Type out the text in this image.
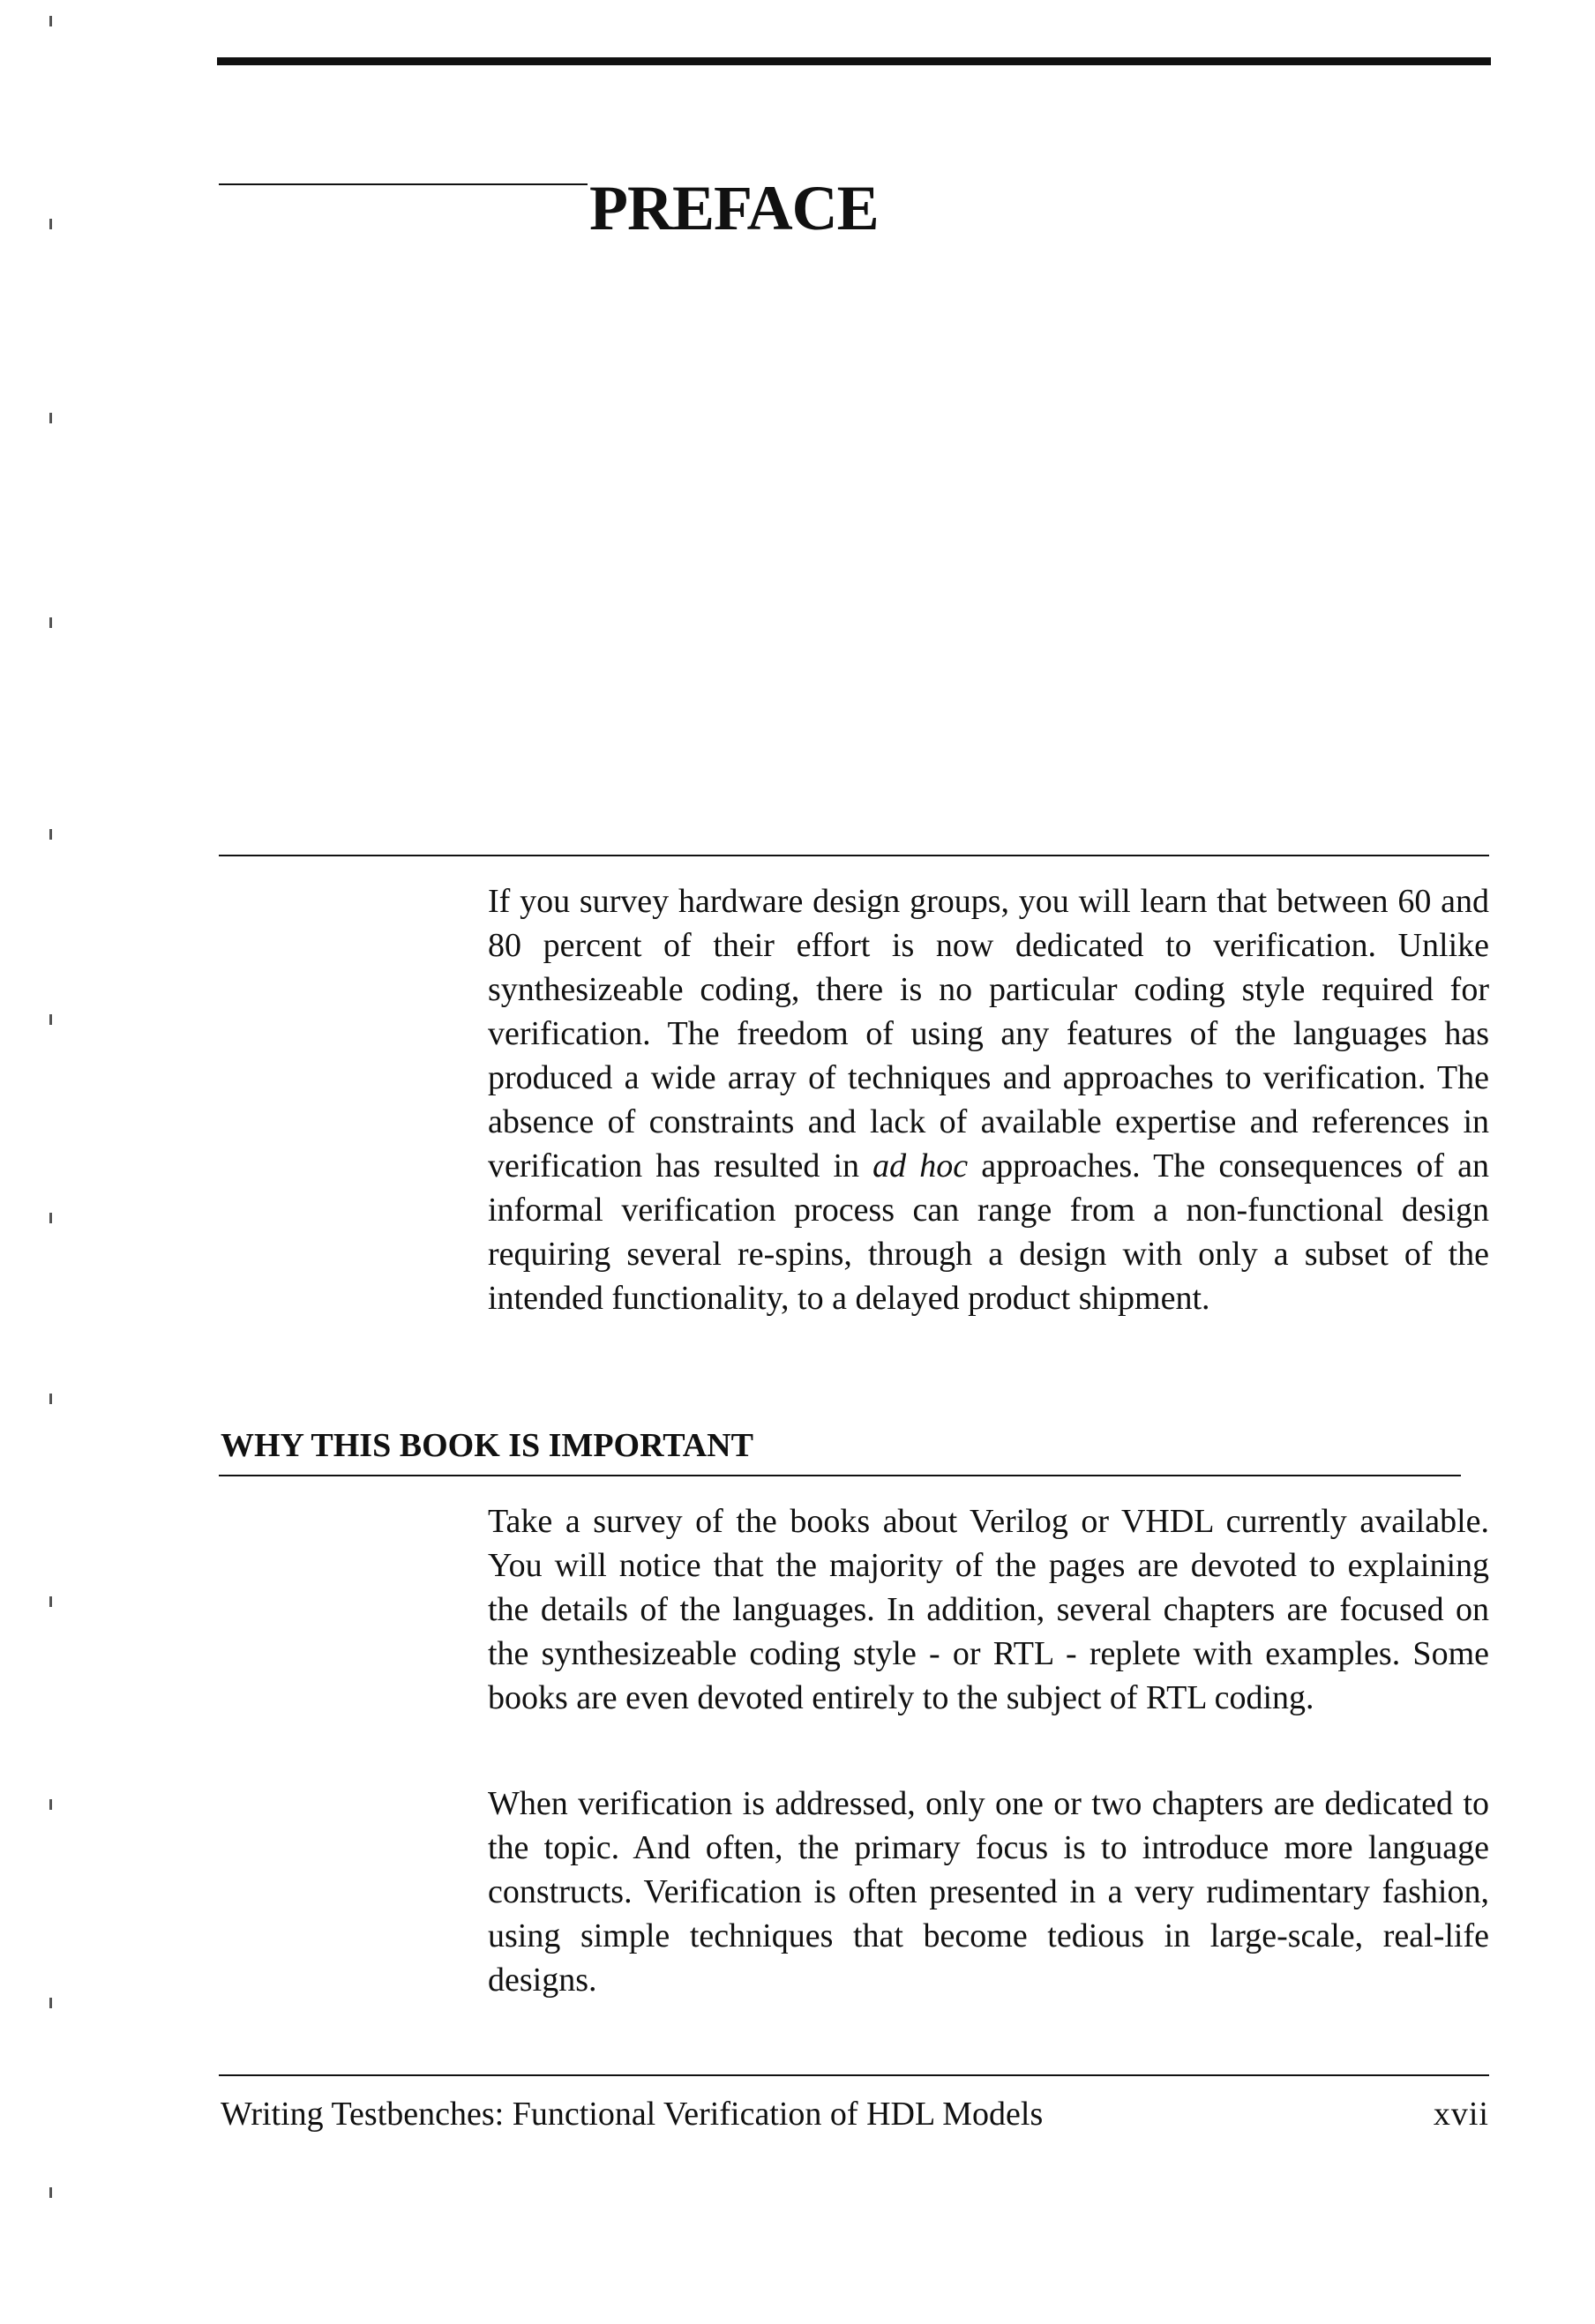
PREFACE

If you survey hardware design groups, you will learn that between 60 and 80 percent of their effort is now dedicated to verification. Unlike synthesizeable coding, there is no particular coding style required for verification. The freedom of using any features of the languages has produced a wide array of techniques and approaches to verification. The absence of constraints and lack of available expertise and references in verification has resulted in ad hoc approaches. The consequences of an informal verification process can range from a non-functional design requiring several re-spins, through a design with only a subset of the intended functionality, to a delayed product shipment.

WHY THIS BOOK IS IMPORTANT

Take a survey of the books about Verilog or VHDL currently available. You will notice that the majority of the pages are devoted to explaining the details of the languages. In addition, several chapters are focused on the synthesizeable coding style - or RTL - replete with examples. Some books are even devoted entirely to the subject of RTL coding.

When verification is addressed, only one or two chapters are dedicated to the topic. And often, the primary focus is to introduce more language constructs. Verification is often presented in a very rudimentary fashion, using simple techniques that become tedious in large-scale, real-life designs.

Writing Testbenches: Functional Verification of HDL Models	xvii
